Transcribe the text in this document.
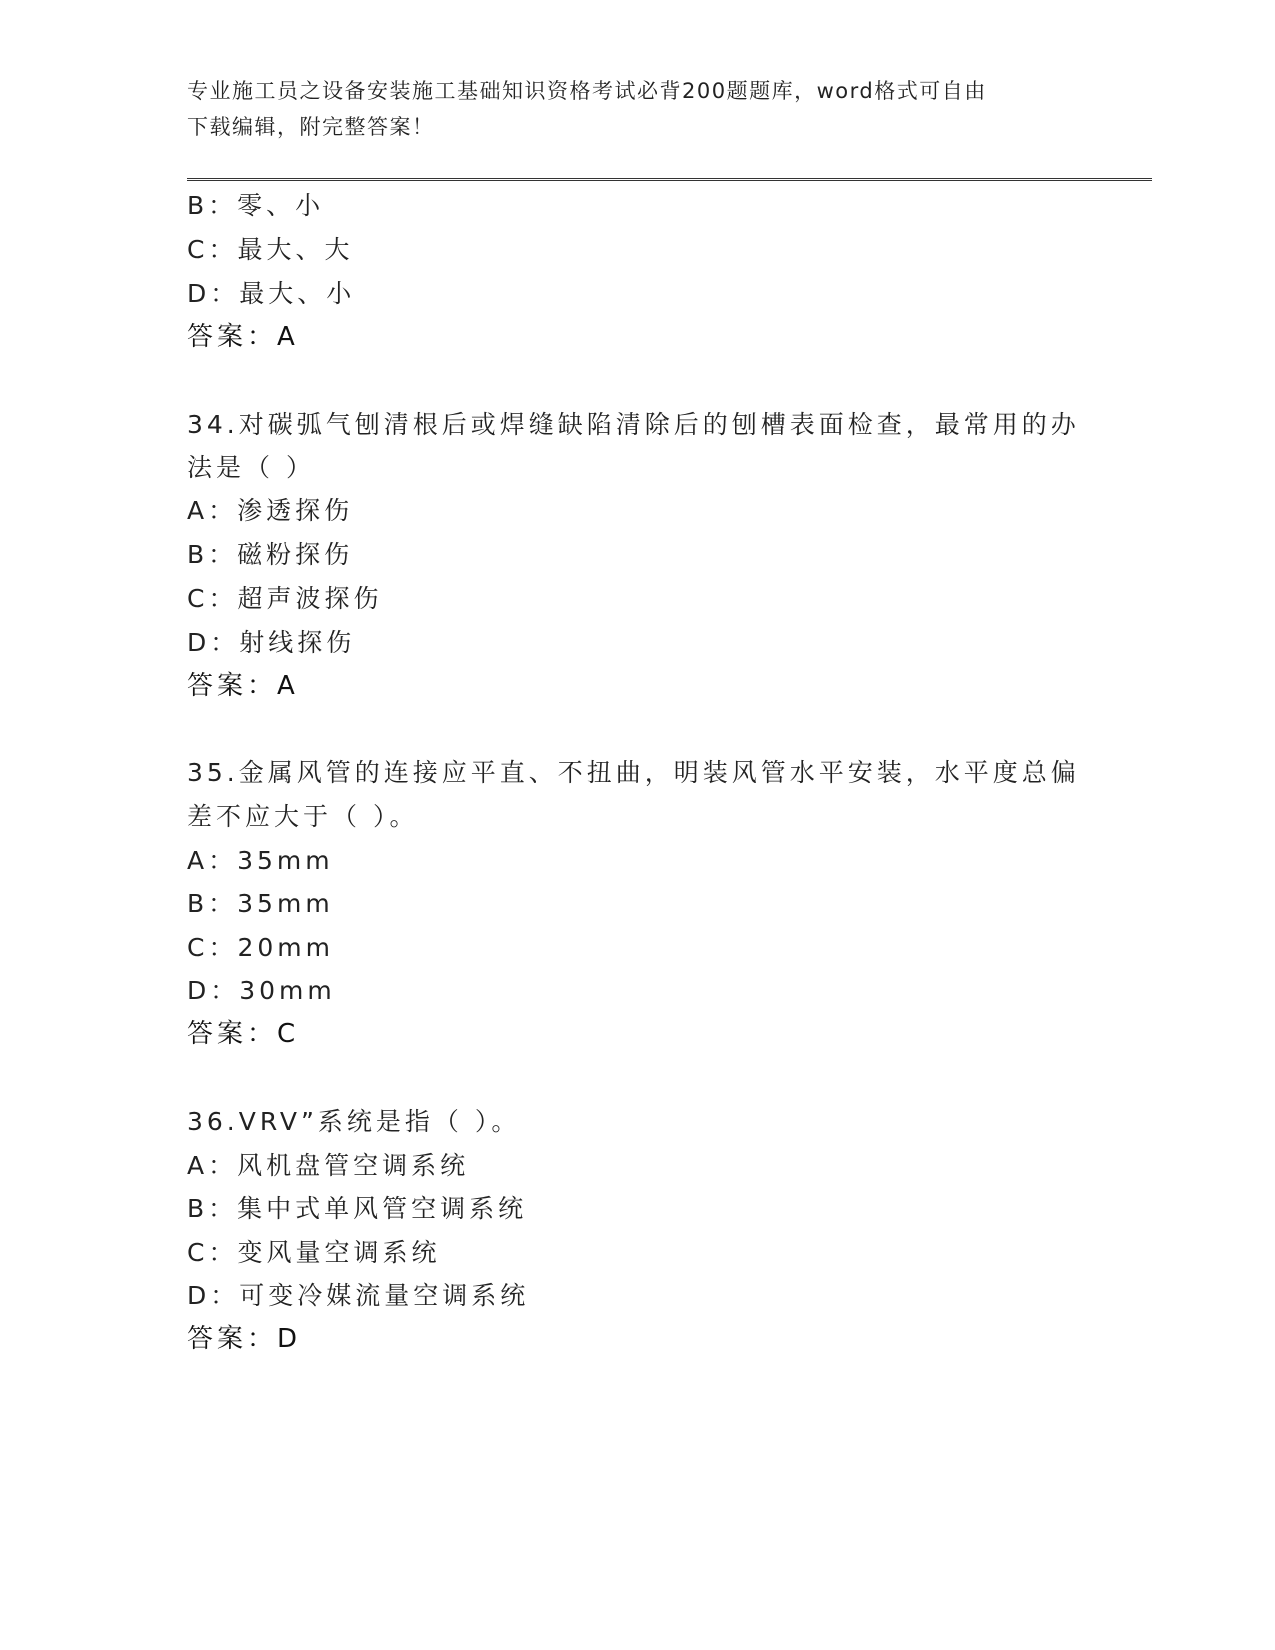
专业施工员之设备安装施工基础知识资格考试必背200题题库，word格式可自由
下载编辑，附完整答案！
B：零、小
C：最大、大
D：最大、小
答案：A
34.对碳弧气刨清根后或焊缝缺陷清除后的刨槽表面检查，最常用的办
法是（ ）
A：渗透探伤
B：磁粉探伤
C：超声波探伤
D：射线探伤
答案：A
35.金属风管的连接应平直、不扭曲，明装风管水平安装，水平度总偏
差不应大于（ ）。
A：35mm
B：35mm
C：20mm
D：30mm
答案：C
36.VRV”系统是指（ ）。
A：风机盘管空调系统
B：集中式单风管空调系统
C：变风量空调系统
D：可变冷媒流量空调系统
答案：D
